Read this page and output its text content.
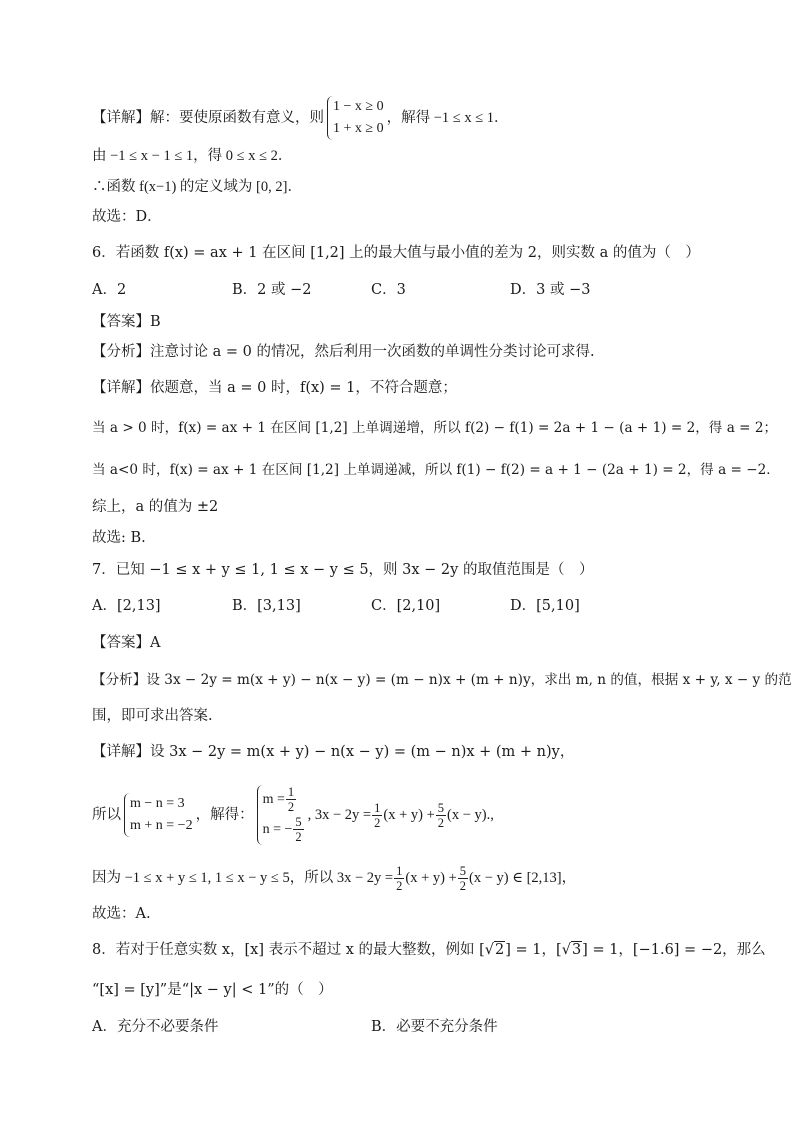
【详解】解：要使原函数有意义，则
1 − x ≥ 0
1 + x ≥ 0
，解得 −1 ≤ x ≤ 1．
由 −1 ≤ x − 1 ≤ 1，得 0 ≤ x ≤ 2．
∴函数 f(x−1) 的定义域为 [0, 2]．
故选：D．
6．若函数 f(x) = ax + 1 在区间 [1,2] 上的最大值与最小值的差为 2，则实数 a 的值为（　）
A．2	B．2 或 −2	C．3	D．3 或 −3
【答案】B
【分析】注意讨论 a = 0 的情况，然后利用一次函数的单调性分类讨论可求得.
【详解】依题意，当 a = 0 时，f(x) = 1，不符合题意；
当 a > 0 时，f(x) = ax + 1 在区间 [1,2] 上单调递增，所以 f(2) − f(1) = 2a + 1 − (a + 1) = 2，得 a = 2；
当 a<0 时，f(x) = ax + 1 在区间 [1,2] 上单调递减，所以 f(1) − f(2) = a + 1 − (2a + 1) = 2，得 a = −2．
综上，a 的值为 ±2
故选: B.
7．已知 −1 ≤ x + y ≤ 1, 1 ≤ x − y ≤ 5，则 3x − 2y 的取值范围是（　）
A．[2,13]	B．[3,13]	C．[2,10]	D．[5,10]
【答案】A
【分析】设 3x − 2y = m(x + y) − n(x − y) = (m − n)x + (m + n)y，求出 m, n 的值，根据 x + y, x − y 的范
围，即可求出答案.
【详解】设 3x − 2y = m(x + y) − n(x − y) = (m − n)x + (m + n)y，
所以
m − n = 3
m + n = −2
，解得：
$m = \frac{1}{2}$
n = − $\frac{5}{2}$
, $3x - 2y = \frac{1}{2} (x + y) + \frac{5}{2} (x - y)$.,
因为 −1 ≤ x + y ≤ 1, 1 ≤ x − y ≤ 5，所以 $3x - 2y = \frac{1}{2} (x + y) + \frac{5}{2} (x - y)$ ∈ [2,13]，
故选：A.
8．若对于任意实数 x，[x] 表示不超过 x 的最大整数，例如 [√2] = 1，[√3] = 1，[−1.6] = −2，那么
“[x] = [y]”是“|x − y| < 1”的（　）
A．充分不必要条件	B．必要不充分条件
